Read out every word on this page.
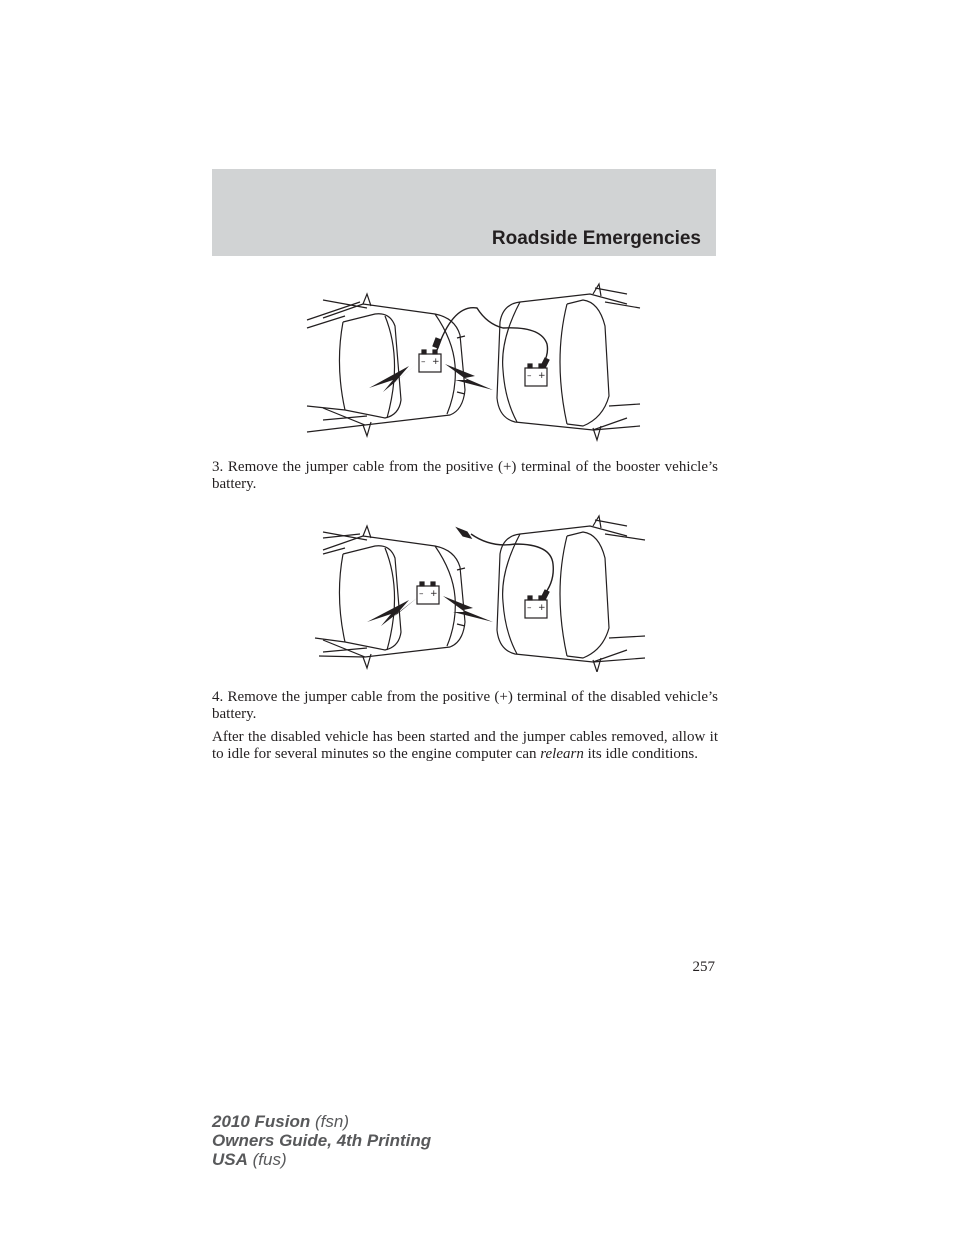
Roadside Emergencies
– +
– +
3. Remove the jumper cable from the positive (+) terminal of the booster vehicle’s battery.
– +
– +
4. Remove the jumper cable from the positive (+) terminal of the disabled vehicle’s battery.
After the disabled vehicle has been started and the jumper cables removed, allow it to idle for several minutes so the engine computer can relearn its idle conditions.
257
2010 Fusion (fsn)
Owners Guide, 4th Printing
USA (fus)
